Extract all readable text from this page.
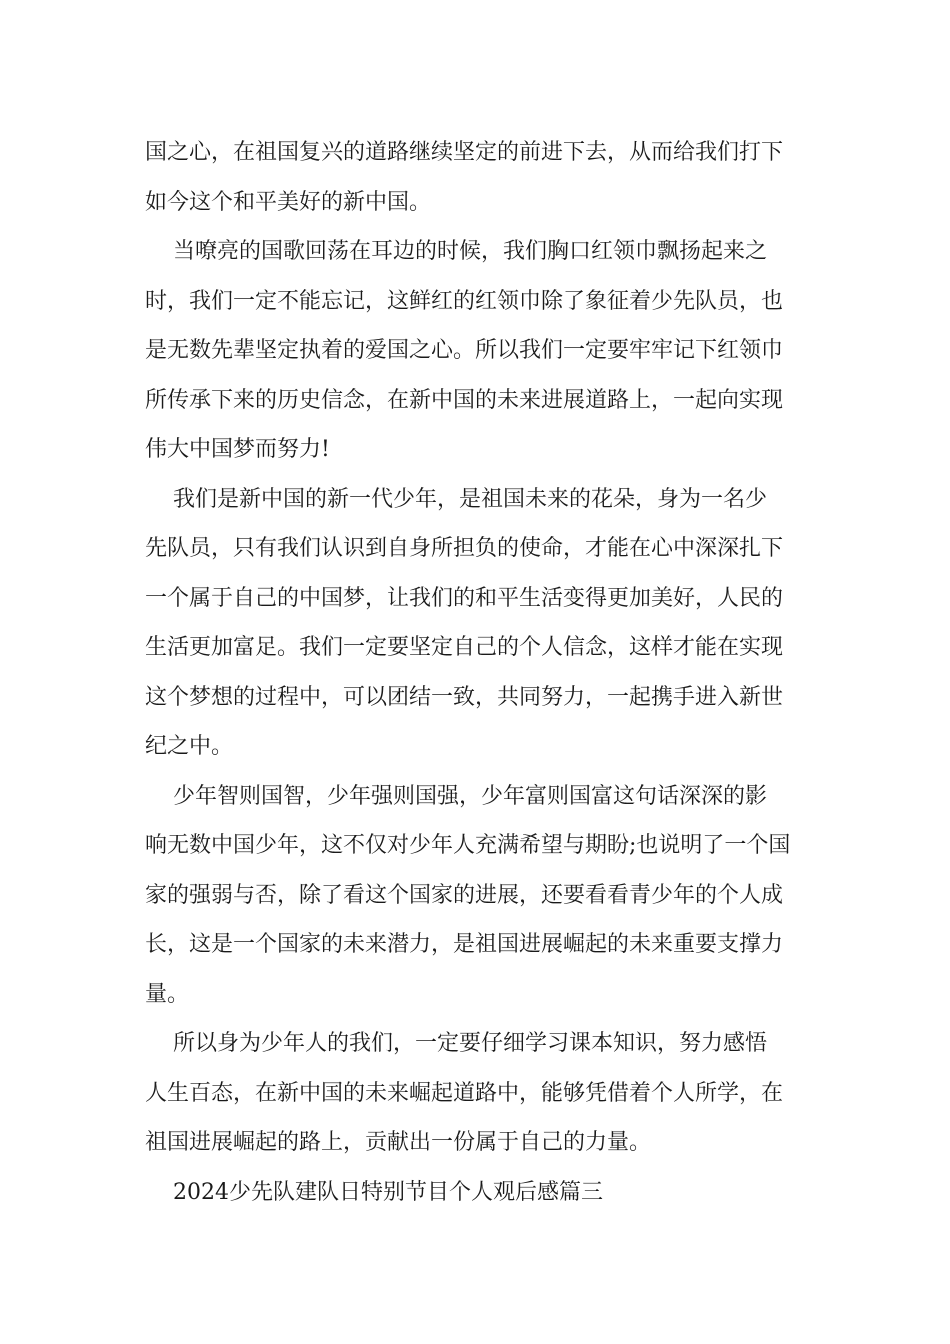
国之心，在祖国复兴的道路继续坚定的前进下去，从而给我们打下
如今这个和平美好的新中国。

当嘹亮的国歌回荡在耳边的时候，我们胸口红领巾飘扬起来之
时，我们一定不能忘记，这鲜红的红领巾除了象征着少先队员，也
是无数先辈坚定执着的爱国之心。所以我们一定要牢牢记下红领巾
所传承下来的历史信念，在新中国的未来进展道路上，一起向实现
伟大中国梦而努力!

我们是新中国的新一代少年，是祖国未来的花朵，身为一名少
先队员，只有我们认识到自身所担负的使命，才能在心中深深扎下
一个属于自己的中国梦，让我们的和平生活变得更加美好，人民的
生活更加富足。我们一定要坚定自己的个人信念，这样才能在实现
这个梦想的过程中，可以团结一致，共同努力，一起携手进入新世
纪之中。

少年智则国智，少年强则国强，少年富则国富这句话深深的影
响无数中国少年，这不仅对少年人充满希望与期盼;也说明了一个国
家的强弱与否，除了看这个国家的进展，还要看看青少年的个人成
长，这是一个国家的未来潜力，是祖国进展崛起的未来重要支撑力
量。

所以身为少年人的我们，一定要仔细学习课本知识，努力感悟
人生百态，在新中国的未来崛起道路中，能够凭借着个人所学，在
祖国进展崛起的路上，贡献出一份属于自己的力量。

2024少先队建队日特别节目个人观后感篇三
